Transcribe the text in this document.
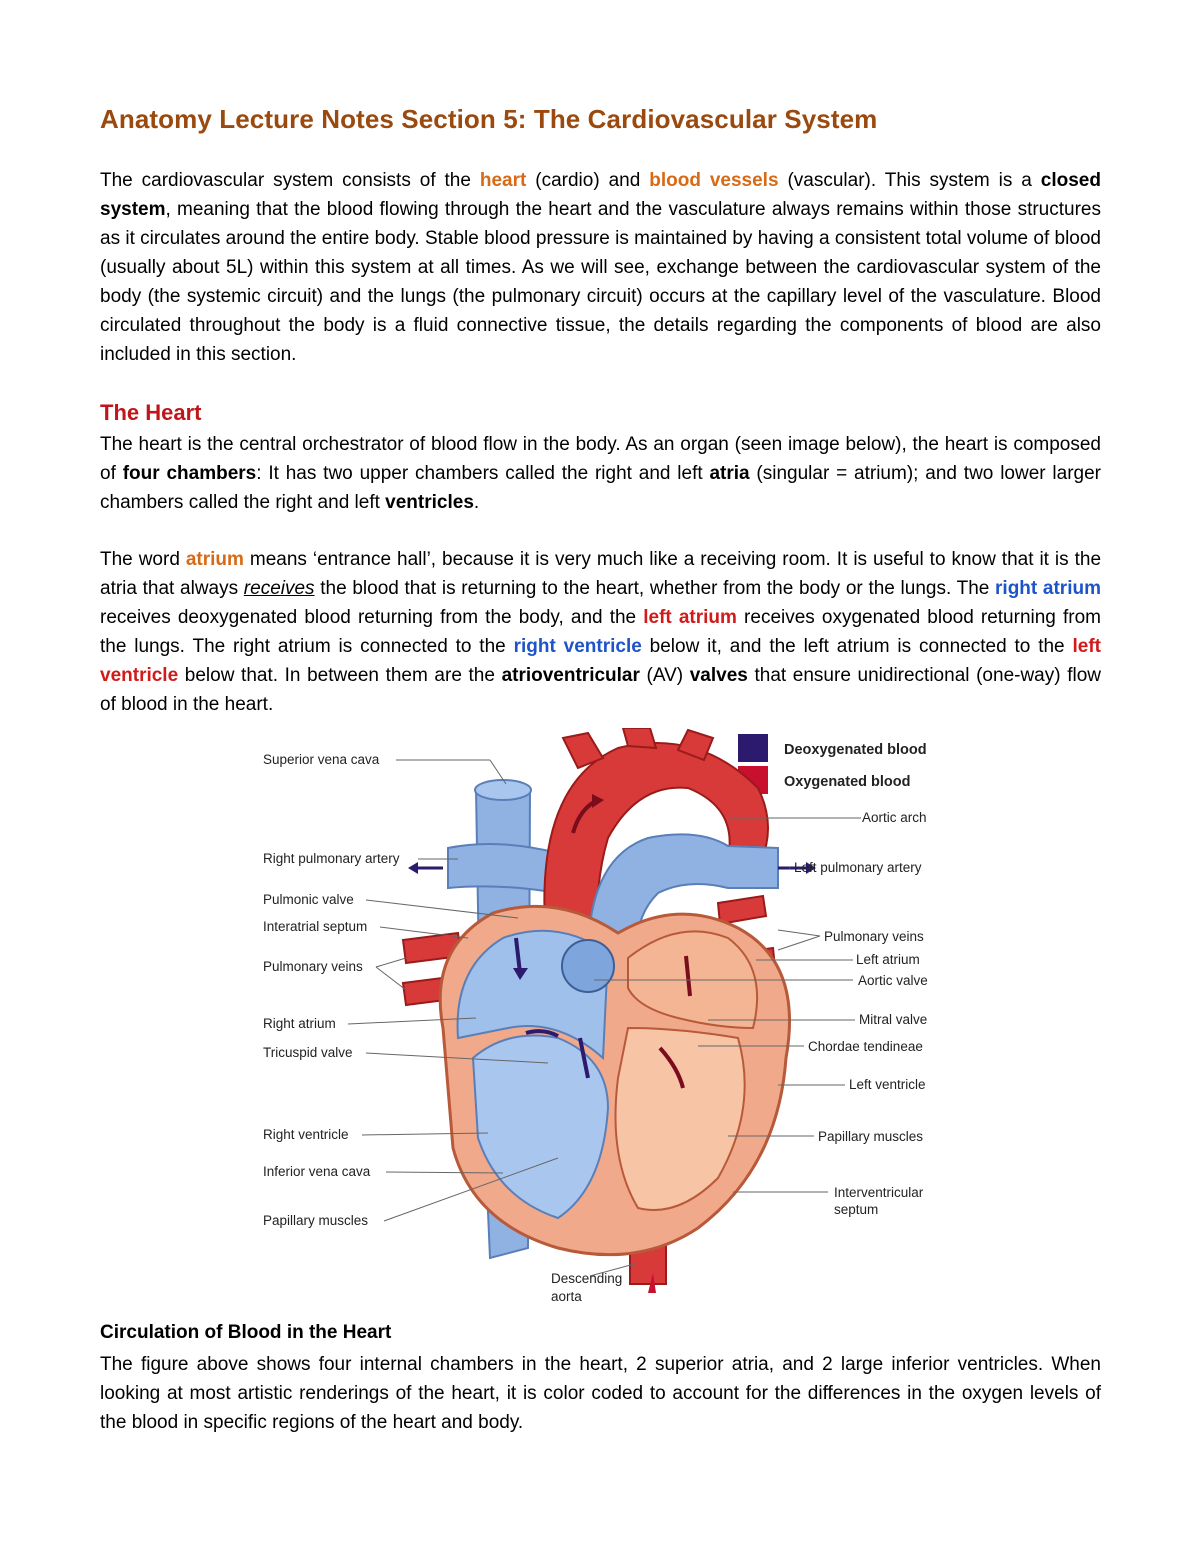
Anatomy Lecture Notes Section 5: The Cardiovascular System
The cardiovascular system consists of the heart (cardio) and blood vessels (vascular). This system is a closed system, meaning that the blood flowing through the heart and the vasculature always remains within those structures as it circulates around the entire body. Stable blood pressure is maintained by having a consistent total volume of blood (usually about 5L) within this system at all times. As we will see, exchange between the cardiovascular system of the body (the systemic circuit) and the lungs (the pulmonary circuit) occurs at the capillary level of the vasculature. Blood circulated throughout the body is a fluid connective tissue, the details regarding the components of blood are also included in this section.
The Heart
The heart is the central orchestrator of blood flow in the body. As an organ (seen image below), the heart is composed of four chambers: It has two upper chambers called the right and left atria (singular = atrium); and two lower larger chambers called the right and left ventricles.
The word atrium means ‘entrance hall’, because it is very much like a receiving room. It is useful to know that it is the atria that always receives the blood that is returning to the heart, whether from the body or the lungs. The right atrium receives deoxygenated blood returning from the body, and the left atrium receives oxygenated blood returning from the lungs. The right atrium is connected to the right ventricle below it, and the left atrium is connected to the left ventricle below that. In between them are the atrioventricular (AV) valves that ensure unidirectional (one-way) flow of blood in the heart.
Deoxygenated blood
Oxygenated blood
Superior vena cava
Right pulmonary artery
Pulmonic valve
Interatrial septum
Pulmonary veins
Right atrium
Tricuspid valve
Right ventricle
Inferior vena cava
Papillary muscles
Aortic arch
Left pulmonary artery
Pulmonary veins
Left atrium
Aortic valve
Mitral valve
Chordae tendineae
Left ventricle
Papillary muscles
Interventricular
septum
Descending
aorta
Circulation of Blood in the Heart
The figure above shows four internal chambers in the heart, 2 superior atria, and 2 large inferior ventricles. When looking at most artistic renderings of the heart, it is color coded to account for the differences in the oxygen levels of the blood in specific regions of the heart and body.
